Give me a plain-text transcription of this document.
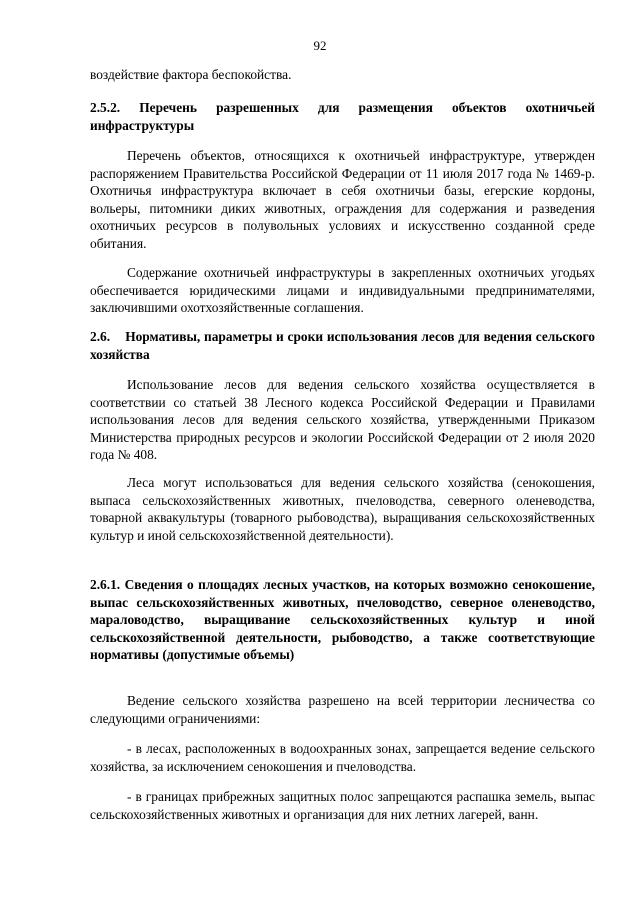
92

воздействие фактора беспокойства.

2.5.2. Перечень разрешенных для размещения объектов охотничьей инфраструктуры

Перечень объектов, относящихся к охотничьей инфраструктуре, утвержден распоряжением Правительства Российской Федерации от 11 июля 2017 года № 1469-р. Охотничья инфраструктура включает в себя охотничьи базы, егерские кордоны, вольеры, питомники диких животных, ограждения для содержания и разведения охотничьих ресурсов в полувольных условиях и искусственно созданной среде обитания.

Содержание охотничьей инфраструктуры в закрепленных охотничьих угодьях обеспечивается юридическими лицами и индивидуальными предпринимателями, заключившими охотхозяйственные соглашения.

2.6. Нормативы, параметры и сроки использования лесов для ведения сельского хозяйства

Использование лесов для ведения сельского хозяйства осуществляется в соответствии со статьей 38 Лесного кодекса Российской Федерации и Правилами использования лесов для ведения сельского хозяйства, утвержденными Приказом Министерства природных ресурсов и экологии Российской Федерации от 2 июля 2020 года № 408.

Леса могут использоваться для ведения сельского хозяйства (сенокошения, выпаса сельскохозяйственных животных, пчеловодства, северного оленеводства, товарной аквакультуры (товарного рыбоводства), выращивания сельскохозяйственных культур и иной сельскохозяйственной деятельности).

2.6.1. Сведения о площадях лесных участков, на которых возможно сенокошение, выпас сельскохозяйственных животных, пчеловодство, северное оленеводство, мараловодство, выращивание сельскохозяйственных культур и иной сельскохозяйственной деятельности, рыбоводство, а также соответствующие нормативы (допустимые объемы)

Ведение сельского хозяйства разрешено на всей территории лесничества со следующими ограничениями:

- в лесах, расположенных в водоохранных зонах, запрещается ведение сельского хозяйства, за исключением сенокошения и пчеловодства.

- в границах прибрежных защитных полос запрещаются распашка земель, выпас сельскохозяйственных животных и организация для них летних лагерей, ванн.
